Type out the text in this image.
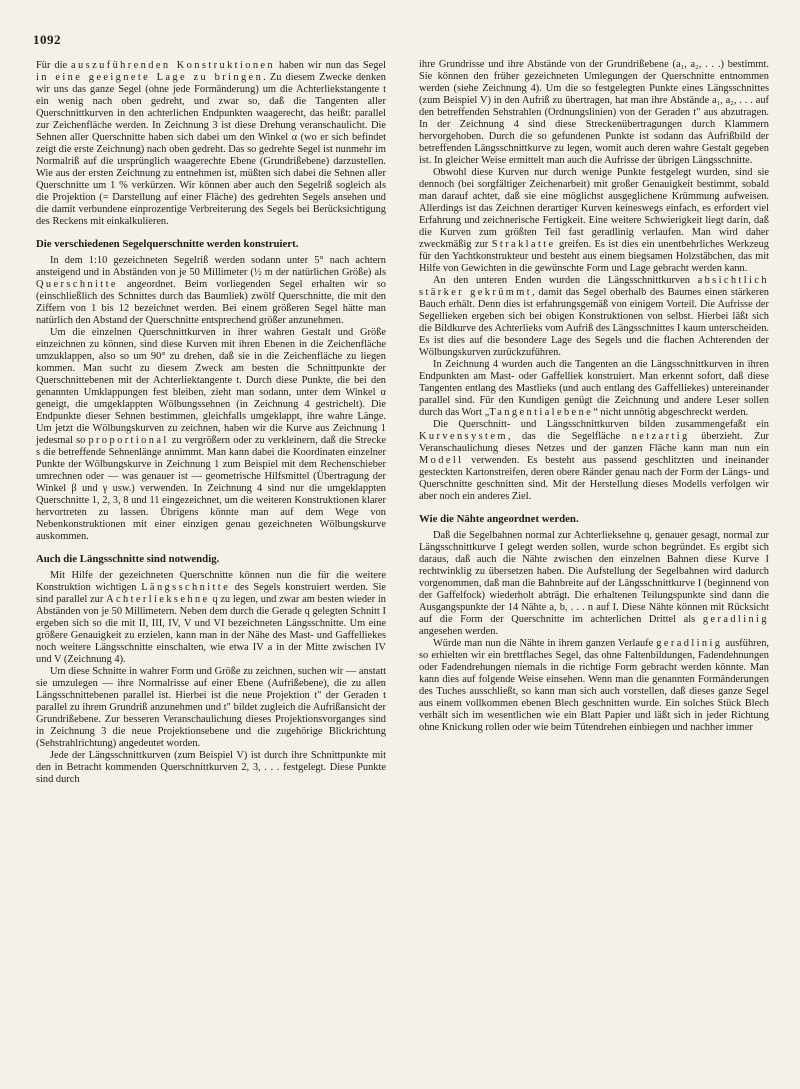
1092

Für die auszuführenden Konstruktionen haben wir nun das Segel in eine geeignete Lage zu bringen. Zu diesem Zwecke denken wir uns das ganze Segel (ohne jede Formänderung) um die Achterliekstangente t ein wenig nach oben gedreht, und zwar so, daß die Tangenten aller Querschnittkurven in den achterlichen Endpunkten waagerecht, das heißt: parallel zur Zeichenfläche werden. In Zeichnung 3 ist diese Drehung veranschaulicht. Die Sehnen aller Querschnitte haben sich dabei um den Winkel α (wo er sich befindet zeigt die erste Zeichnung) nach oben gedreht. Das so gedrehte Segel ist nunmehr im Normalriß auf die ursprünglich waagerechte Ebene (Grundrißebene) darzustellen. Wie aus der ersten Zeichnung zu entnehmen ist, müßten sich dabei die Sehnen aller Querschnitte um 1 % verkürzen. Wir können aber auch den Segelriß sogleich als die Projektion (= Darstellung auf einer Fläche) des gedrehten Segels ansehen und die damit verbundene einprozentige Verbreiterung des Segels bei Berücksichtigung des Reckens mit einkalkulieren.

Die verschiedenen Segelquerschnitte werden konstruiert.

In dem 1:10 gezeichneten Segelriß werden sodann unter 5° nach achtern ansteigend und in Abständen von je 50 Millimeter (½ m der natürlichen Größe) als Querschnitte angeordnet. Beim vorliegenden Segel erhalten wir so (einschließlich des Schnittes durch das Baumliek) zwölf Querschnitte, die mit den Ziffern von 1 bis 12 bezeichnet werden. Bei einem größeren Segel hätte man natürlich den Abstand der Querschnitte entsprechend größer anzunehmen.

Um die einzelnen Querschnittkurven in ihrer wahren Gestalt und Größe einzeichnen zu können, sind diese Kurven mit ihren Ebenen in die Zeichenfläche umzuklappen, also so um 90° zu drehen, daß sie in die Zeichenfläche zu liegen kommen. Man sucht zu diesem Zweck am besten die Schnittpunkte der Querschnittebenen mit der Achterliektangente t. Durch diese Punkte, die bei den genannten Umklappungen fest bleiben, zieht man sodann, unter dem Winkel α geneigt, die umgeklappten Wölbungssehnen (in Zeichnung 4 gestrichelt). Die Endpunkte dieser Sehnen bestimmen, gleichfalls umgeklappt, ihre wahre Länge. Um jetzt die Wölbungskurven zu zeichnen, haben wir die Kurve aus Zeichnung 1 jedesmal so proportional zu vergrößern oder zu verkleinern, daß die Strecke s die betreffende Sehnenlänge annimmt. Man kann dabei die Koordinaten einzelner Punkte der Wölbungskurve in Zeichnung 1 zum Beispiel mit dem Rechenschieber umrechnen oder — was genauer ist — geometrische Hilfsmittel (Übertragung der Winkel β und γ usw.) verwenden. In Zeichnung 4 sind nur die umgeklappten Querschnitte 1, 2, 3, 8 und 11 eingezeichnet, um die weiteren Konstruktionen klarer hervortreten zu lassen. Übrigens könnte man auf dem Wege von Nebenkonstruktionen mit einer einzigen genau gezeichneten Wölbungskurve auskommen.

Auch die Längsschnitte sind notwendig.

Mit Hilfe der gezeichneten Querschnitte können nun die für die weitere Konstruktion wichtigen Längsschnitte des Segels konstruiert werden. Sie sind parallel zur Achterlieksehne q zu legen, und zwar am besten wieder in Abständen von je 50 Millimetern. Neben dem durch die Gerade q gelegten Schnitt I ergeben sich so die mit II, III, IV, V und VI bezeichneten Längsschnitte. Um eine größere Genauigkeit zu erzielen, kann man in der Nähe des Mast- und Gaffelliekes noch weitere Längsschnitte einschalten, wie etwa IV a in der Mitte zwischen IV und V (Zeichnung 4).

Um diese Schnitte in wahrer Form und Größe zu zeichnen, suchen wir — anstatt sie umzulegen — ihre Normalrisse auf einer Ebene (Aufrißebene), die zu allen Längsschnittebenen parallel ist. Hierbei ist die neue Projektion t" der Geraden t parallel zu ihrem Grundriß anzunehmen und t" bildet zugleich die Aufrißansicht der Grundrißebene. Zur besseren Veranschaulichung dieses Projektionsvorganges sind in Zeichnung 3 die neue Projektionsebene und die zugehörige Blickrichtung (Sehstrahlrichtung) angedeutet worden.

Jede der Längsschnittkurven (zum Beispiel V) ist durch ihre Schnittpunkte mit den in Betracht kommenden Querschnittkurven 2, 3, . . . festgelegt. Diese Punkte sind durch

ihre Grundrisse und ihre Abstände von der Grundrißebene (a₁, a₂, . . .) bestimmt. Sie können den früher gezeichneten Umlegungen der Querschnitte entnommen werden (siehe Zeichnung 4). Um die so festgelegten Punkte eines Längsschnittes (zum Beispiel V) in den Aufriß zu übertragen, hat man ihre Abstände a₁, a₂, . . . auf den betreffenden Sehstrahlen (Ordnungslinien) von der Geraden t" aus abzutragen. In der Zeichnung 4 sind diese Streckenübertragungen durch Klammern hervorgehoben. Durch die so gefundenen Punkte ist sodann das Aufrißbild der betreffenden Längsschnittkurve zu legen, womit auch deren wahre Gestalt gegeben ist. In gleicher Weise ermittelt man auch die Aufrisse der übrigen Längsschnitte.

Obwohl diese Kurven nur durch wenige Punkte festgelegt wurden, sind sie dennoch (bei sorgfältiger Zeichenarbeit) mit großer Genauigkeit bestimmt, sobald man darauf achtet, daß sie eine möglichst ausgeglichene Krümmung aufweisen. Allerdings ist das Zeichnen derartiger Kurven keineswegs einfach, es erfordert viel Erfahrung und zeichnerische Fertigkeit. Eine weitere Schwierigkeit liegt darin, daß die Kurven zum größten Teil fast geradlinig verlaufen. Man wird daher zweckmäßig zur Straklatte greifen. Es ist dies ein unentbehrliches Werkzeug für den Yachtkonstrukteur und besteht aus einem biegsamen Holzstäbchen, das mit Hilfe von Gewichten in die gewünschte Form und Lage gebracht werden kann.

An den unteren Enden wurden die Längsschnittkurven absichtlich stärker gekrümmt, damit das Segel oberhalb des Baumes einen stärkeren Bauch erhält. Denn dies ist erfahrungsgemäß von einigem Vorteil. Die Aufrisse der Segellieken ergeben sich bei obigen Konstruktionen von selbst. Hierbei läßt sich die Bildkurve des Achterlieks vom Aufriß des Längsschnittes I kaum unterscheiden. Es ist dies auf die besondere Lage des Segels und die flachen Achterenden der Wölbungskurven zurückzuführen.

In Zeichnung 4 wurden auch die Tangenten an die Längsschnittkurven in ihren Endpunkten am Mast- oder Gaffelliek konstruiert. Man erkennt sofort, daß diese Tangenten entlang des Mastlieks (und auch entlang des Gaffelliekes) untereinander parallel sind. Für den Kundigen genügt die Zeichnung und andere Leser sollen durch das Wort „Tangentialebene“ nicht unnötig abgeschreckt werden.

Die Querschnitt- und Längsschnittkurven bilden zusammengefaßt ein Kurvensystem, das die Segelfläche netzartig überzieht. Zur Veranschaulichung dieses Netzes und der ganzen Fläche kann man nun ein Modell verwenden. Es besteht aus passend geschlitzten und ineinander gesteckten Kartonstreifen, deren obere Ränder genau nach der Form der Längs- und Querschnitte geschnitten sind. Mit der Herstellung dieses Modells verfolgen wir aber noch ein anderes Ziel.

Wie die Nähte angeordnet werden.

Daß die Segelbahnen normal zur Achterlieksehne q, genauer gesagt, normal zur Längsschnittkurve I gelegt werden sollen, wurde schon begründet. Es ergibt sich daraus, daß auch die Nähte zwischen den einzelnen Bahnen diese Kurve I rechtwinklig zu übersetzen haben. Die Aufstellung der Segelbahnen wird dadurch vorgenommen, daß man die Bahnbreite auf der Längsschnittkurve I (beginnend von der Gaffelfock) wiederholt abträgt. Die erhaltenen Teilungspunkte sind dann die Ausgangspunkte der 14 Nähte a, b, . . . n auf I. Diese Nähte können mit Rücksicht auf die Form der Querschnitte im achterlichen Drittel als geradlinig angesehen werden.

Würde man nun die Nähte in ihrem ganzen Verlaufe geradlinig ausführen, so erhielten wir ein brettflaches Segel, das ohne Faltenbildungen, Fadendehnungen oder Fadendrehungen niemals in die richtige Form gebracht werden könnte. Man kann dies auf folgende Weise einsehen. Wenn man die genannten Formänderungen des Tuches ausschließt, so kann man sich auch vorstellen, daß dieses ganze Segel aus einem vollkommen ebenen Blech geschnitten wurde. Ein solches Stück Blech verhält sich im wesentlichen wie ein Blatt Papier und läßt sich in jeder Richtung ohne Knickung rollen oder wie beim Tütendrehen einbiegen und nachher immer
